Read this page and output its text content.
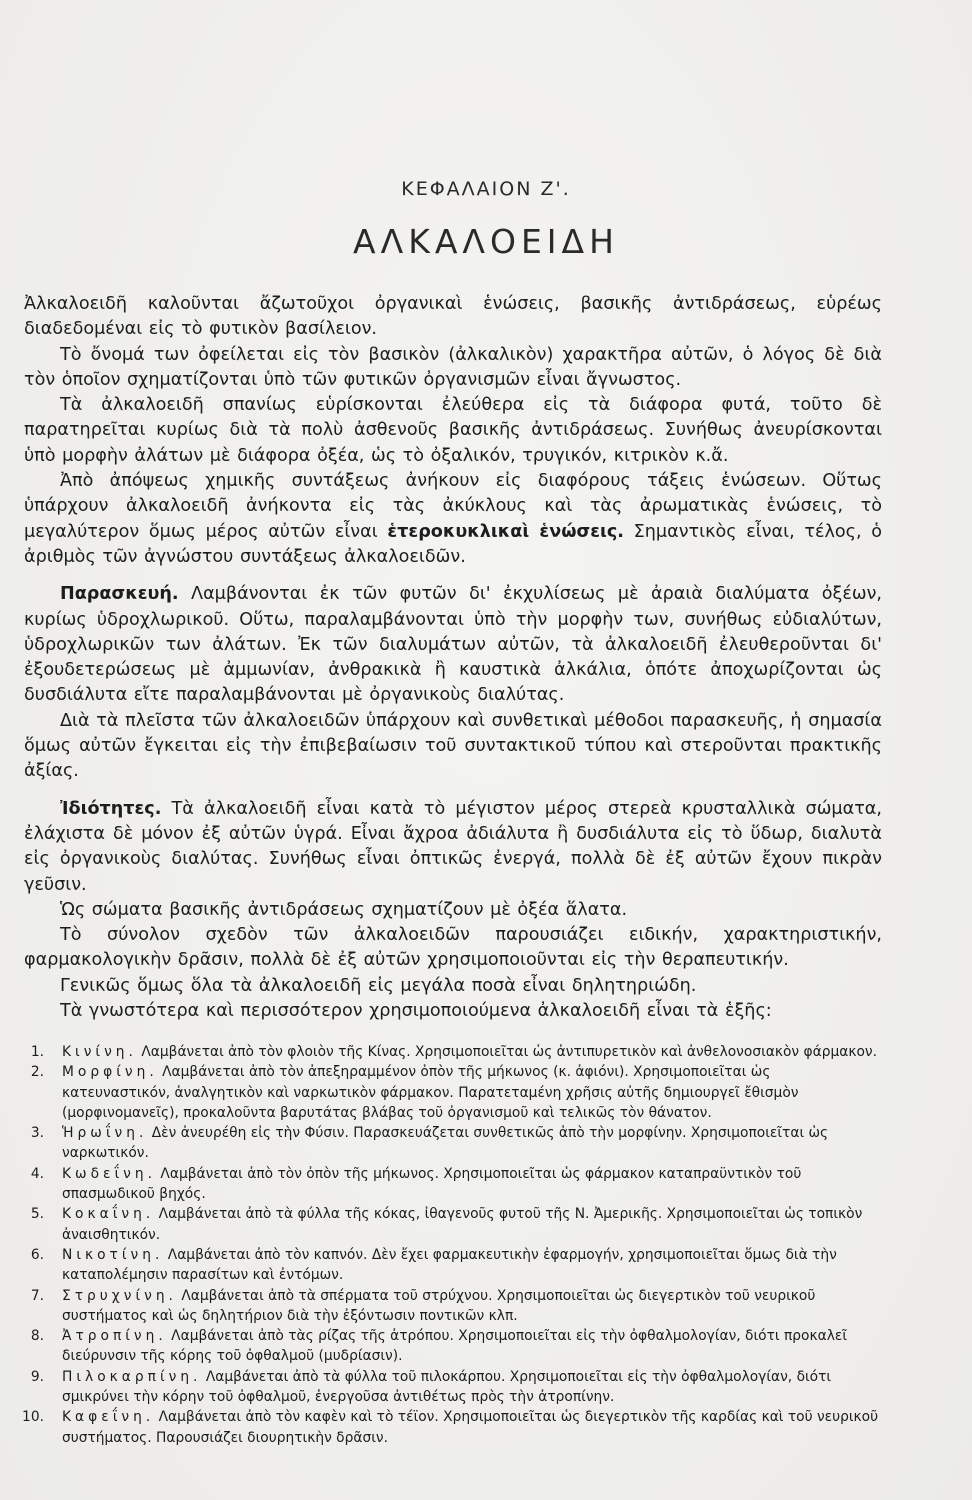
ΚΕΦΑΛΑΙΟΝ Ζ'.
ΑΛΚΑΛΟΕΙΔΗ

Ἀλκαλοειδῆ καλοῦνται ἄζωτοῦχοι ὀργανικαὶ ἑνώσεις, βασικῆς ἀντιδράσεως, εὑρέως διαδεδομέναι εἰς τὸ φυτικὸν βασίλειον.

Τὸ ὄνομά των ὀφείλεται εἰς τὸν βασικὸν (ἀλκαλικὸν) χαρακτῆρα αὐτῶν, ὁ λόγος δὲ διὰ τὸν ὁποῖον σχηματίζονται ὑπὸ τῶν φυτικῶν ὀργανισμῶν εἶναι ἄγνωστος.

Τὰ ἀλκαλοειδῆ σπανίως εὑρίσκονται ἐλεύθερα εἰς τὰ διάφορα φυτά, τοῦτο δὲ παρατηρεῖται κυρίως διὰ τὰ πολὺ ἀσθενοῦς βασικῆς ἀντιδράσεως. Συνήθως ἀνευρίσκονται ὑπὸ μορφὴν ἀλάτων μὲ διάφορα ὀξέα, ὡς τὸ ὀξαλικόν, τρυγικόν, κιτρικὸν κ.ἄ.

Ἀπὸ ἀπόψεως χημικῆς συντάξεως ἀνήκουν εἰς διαφόρους τάξεις ἑνώσεων. Οὕτως ὑπάρχουν ἀλκαλοειδῆ ἀνήκοντα εἰς τὰς ἀκύκλους καὶ τὰς ἀρωματικὰς ἑνώσεις, τὸ μεγαλύτερον ὅμως μέρος αὐτῶν εἶναι ἑτεροκυκλικαὶ ἑνώσεις. Σημαντικὸς εἶναι, τέλος, ὁ ἀριθμὸς τῶν ἀγνώστου συντάξεως ἀλκαλοειδῶν.

Παρασκευή. Λαμβάνονται ἐκ τῶν φυτῶν δι' ἐκχυλίσεως μὲ ἀραιὰ διαλύματα ὀξέων, κυρίως ὑδροχλωρικοῦ. Οὕτω, παραλαμβάνονται ὑπὸ τὴν μορφὴν των, συνήθως εὐδιαλύτων, ὑδροχλωρικῶν των ἀλάτων. Ἐκ τῶν διαλυμάτων αὐτῶν, τὰ ἀλκαλοειδῆ ἐλευθεροῦνται δι' ἐξουδετερώσεως μὲ ἀμμωνίαν, ἀνθρακικὰ ἢ καυστικὰ ἀλκάλια, ὁπότε ἀποχωρίζονται ὡς δυσδιάλυτα εἴτε παραλαμβάνονται μὲ ὀργανικοὺς διαλύτας.

Διὰ τὰ πλεῖστα τῶν ἀλκαλοειδῶν ὑπάρχουν καὶ συνθετικαὶ μέθοδοι παρασκευῆς, ἡ σημασία ὅμως αὐτῶν ἔγκειται εἰς τὴν ἐπιβεβαίωσιν τοῦ συντακτικοῦ τύπου καὶ στεροῦνται πρακτικῆς ἀξίας.

Ἰδιότητες. Τὰ ἀλκαλοειδῆ εἶναι κατὰ τὸ μέγιστον μέρος στερεὰ κρυσταλλικὰ σώματα, ἐλάχιστα δὲ μόνον ἐξ αὐτῶν ὑγρά. Εἶναι ἄχροα ἀδιάλυτα ἢ δυσδιάλυτα εἰς τὸ ὕδωρ, διαλυτὰ εἰς ὀργανικοὺς διαλύτας. Συνήθως εἶναι ὀπτικῶς ἐνεργά, πολλὰ δὲ ἐξ αὐτῶν ἔχουν πικρὰν γεῦσιν.

Ὡς σώματα βασικῆς ἀντιδράσεως σχηματίζουν μὲ ὀξέα ἅλατα.

Τὸ σύνολον σχεδὸν τῶν ἀλκαλοειδῶν παρουσιάζει ειδικήν, χαρακτηριστικήν, φαρμακολογικὴν δρᾶσιν, πολλὰ δὲ ἐξ αὐτῶν χρησιμοποιοῦνται εἰς τὴν θεραπευτικήν.

Γενικῶς ὅμως ὅλα τὰ ἀλκαλοειδῆ εἰς μεγάλα ποσὰ εἶναι δηλητηριώδη.

Τὰ γνωστότερα καὶ περισσότερον χρησιμοποιούμενα ἀλκαλοειδῆ εἶναι τὰ ἑξῆς:

1.	Κινίνη. Λαμβάνεται ἀπὸ τὸν φλοιὸν τῆς Κίνας. Χρησιμοποιεῖται ὡς ἀντιπυρετικὸν καὶ ἀνθελονοσιακὸν φάρμακον.
2.	Μορφίνη. Λαμβάνεται ἀπὸ τὸν ἀπεξηραμμένον ὀπὸν τῆς μήκωνος (κ. ἀφιόνι). Χρησιμοποιεῖται ὡς κατευναστικόν, ἀναλγητικὸν καὶ ναρκωτικὸν φάρμακον. Παρατεταμένη χρῆσις αὐτῆς δημιουργεῖ ἔθισμὸν (μορφινομανεῖς), προκαλοῦντα βαρυτάτας βλάβας τοῦ ὀργανισμοῦ καὶ τελικῶς τὸν θάνατον.
3.	Ἡρωΐνη. Δὲν ἀνευρέθη εἰς τὴν Φύσιν. Παρασκευάζεται συνθετικῶς ἀπὸ τὴν μορφίνην. Χρησιμοποιεῖται ὡς ναρκωτικόν.
4.	Κωδεΐνη. Λαμβάνεται ἀπὸ τὸν ὀπὸν τῆς μήκωνος. Χρησιμοποιεῖται ὡς φάρμακον καταπραϋντικὸν τοῦ σπασμωδικοῦ βηχός.
5.	Κοκαΐνη. Λαμβάνεται ἀπὸ τὰ φύλλα τῆς κόκας, ἰθαγενοῦς φυτοῦ τῆς Ν. Ἀμερικῆς. Χρησιμοποιεῖται ὡς τοπικὸν ἀναισθητικόν.
6.	Νικοτίνη. Λαμβάνεται ἀπὸ τὸν καπνόν. Δὲν ἔχει φαρμακευτικὴν ἐφαρμογήν, χρησιμοποιεῖται ὅμως διὰ τὴν καταπολέμησιν παρασίτων καὶ ἐντόμων.
7.	Στρυχνίνη. Λαμβάνεται ἀπὸ τὰ σπέρματα τοῦ στρύχνου. Χρησιμοποιεῖται ὡς διεγερτικὸν τοῦ νευρικοῦ συστήματος καὶ ὡς δηλητήριον διὰ τὴν ἐξόντωσιν ποντικῶν κλπ.
8.	Ἀτροπίνη. Λαμβάνεται ἀπὸ τὰς ρίζας τῆς ἀτρόπου. Χρησιμοποιεῖται εἰς τὴν ὀφθαλμολογίαν, διότι προκαλεῖ διεύρυνσιν τῆς κόρης τοῦ ὀφθαλμοῦ (μυδρίασιν).
9.	Πιλοκαρπίνη. Λαμβάνεται ἀπὸ τὰ φύλλα τοῦ πιλοκάρπου. Χρησιμοποιεῖται εἰς τὴν ὀφθαλμολογίαν, διότι σμικρύνει τὴν κόρην τοῦ ὀφθαλμοῦ, ἐνεργοῦσα ἀντιθέτως πρὸς τὴν ἀτροπίνην.
10.	Καφεΐνη. Λαμβάνεται ἀπὸ τὸν καφὲν καὶ τὸ τέϊον. Χρησιμοποιεῖται ὡς διεγερτικὸν τῆς καρδίας καὶ τοῦ νευρικοῦ συστήματος. Παρουσιάζει διουρητικὴν δρᾶσιν.
